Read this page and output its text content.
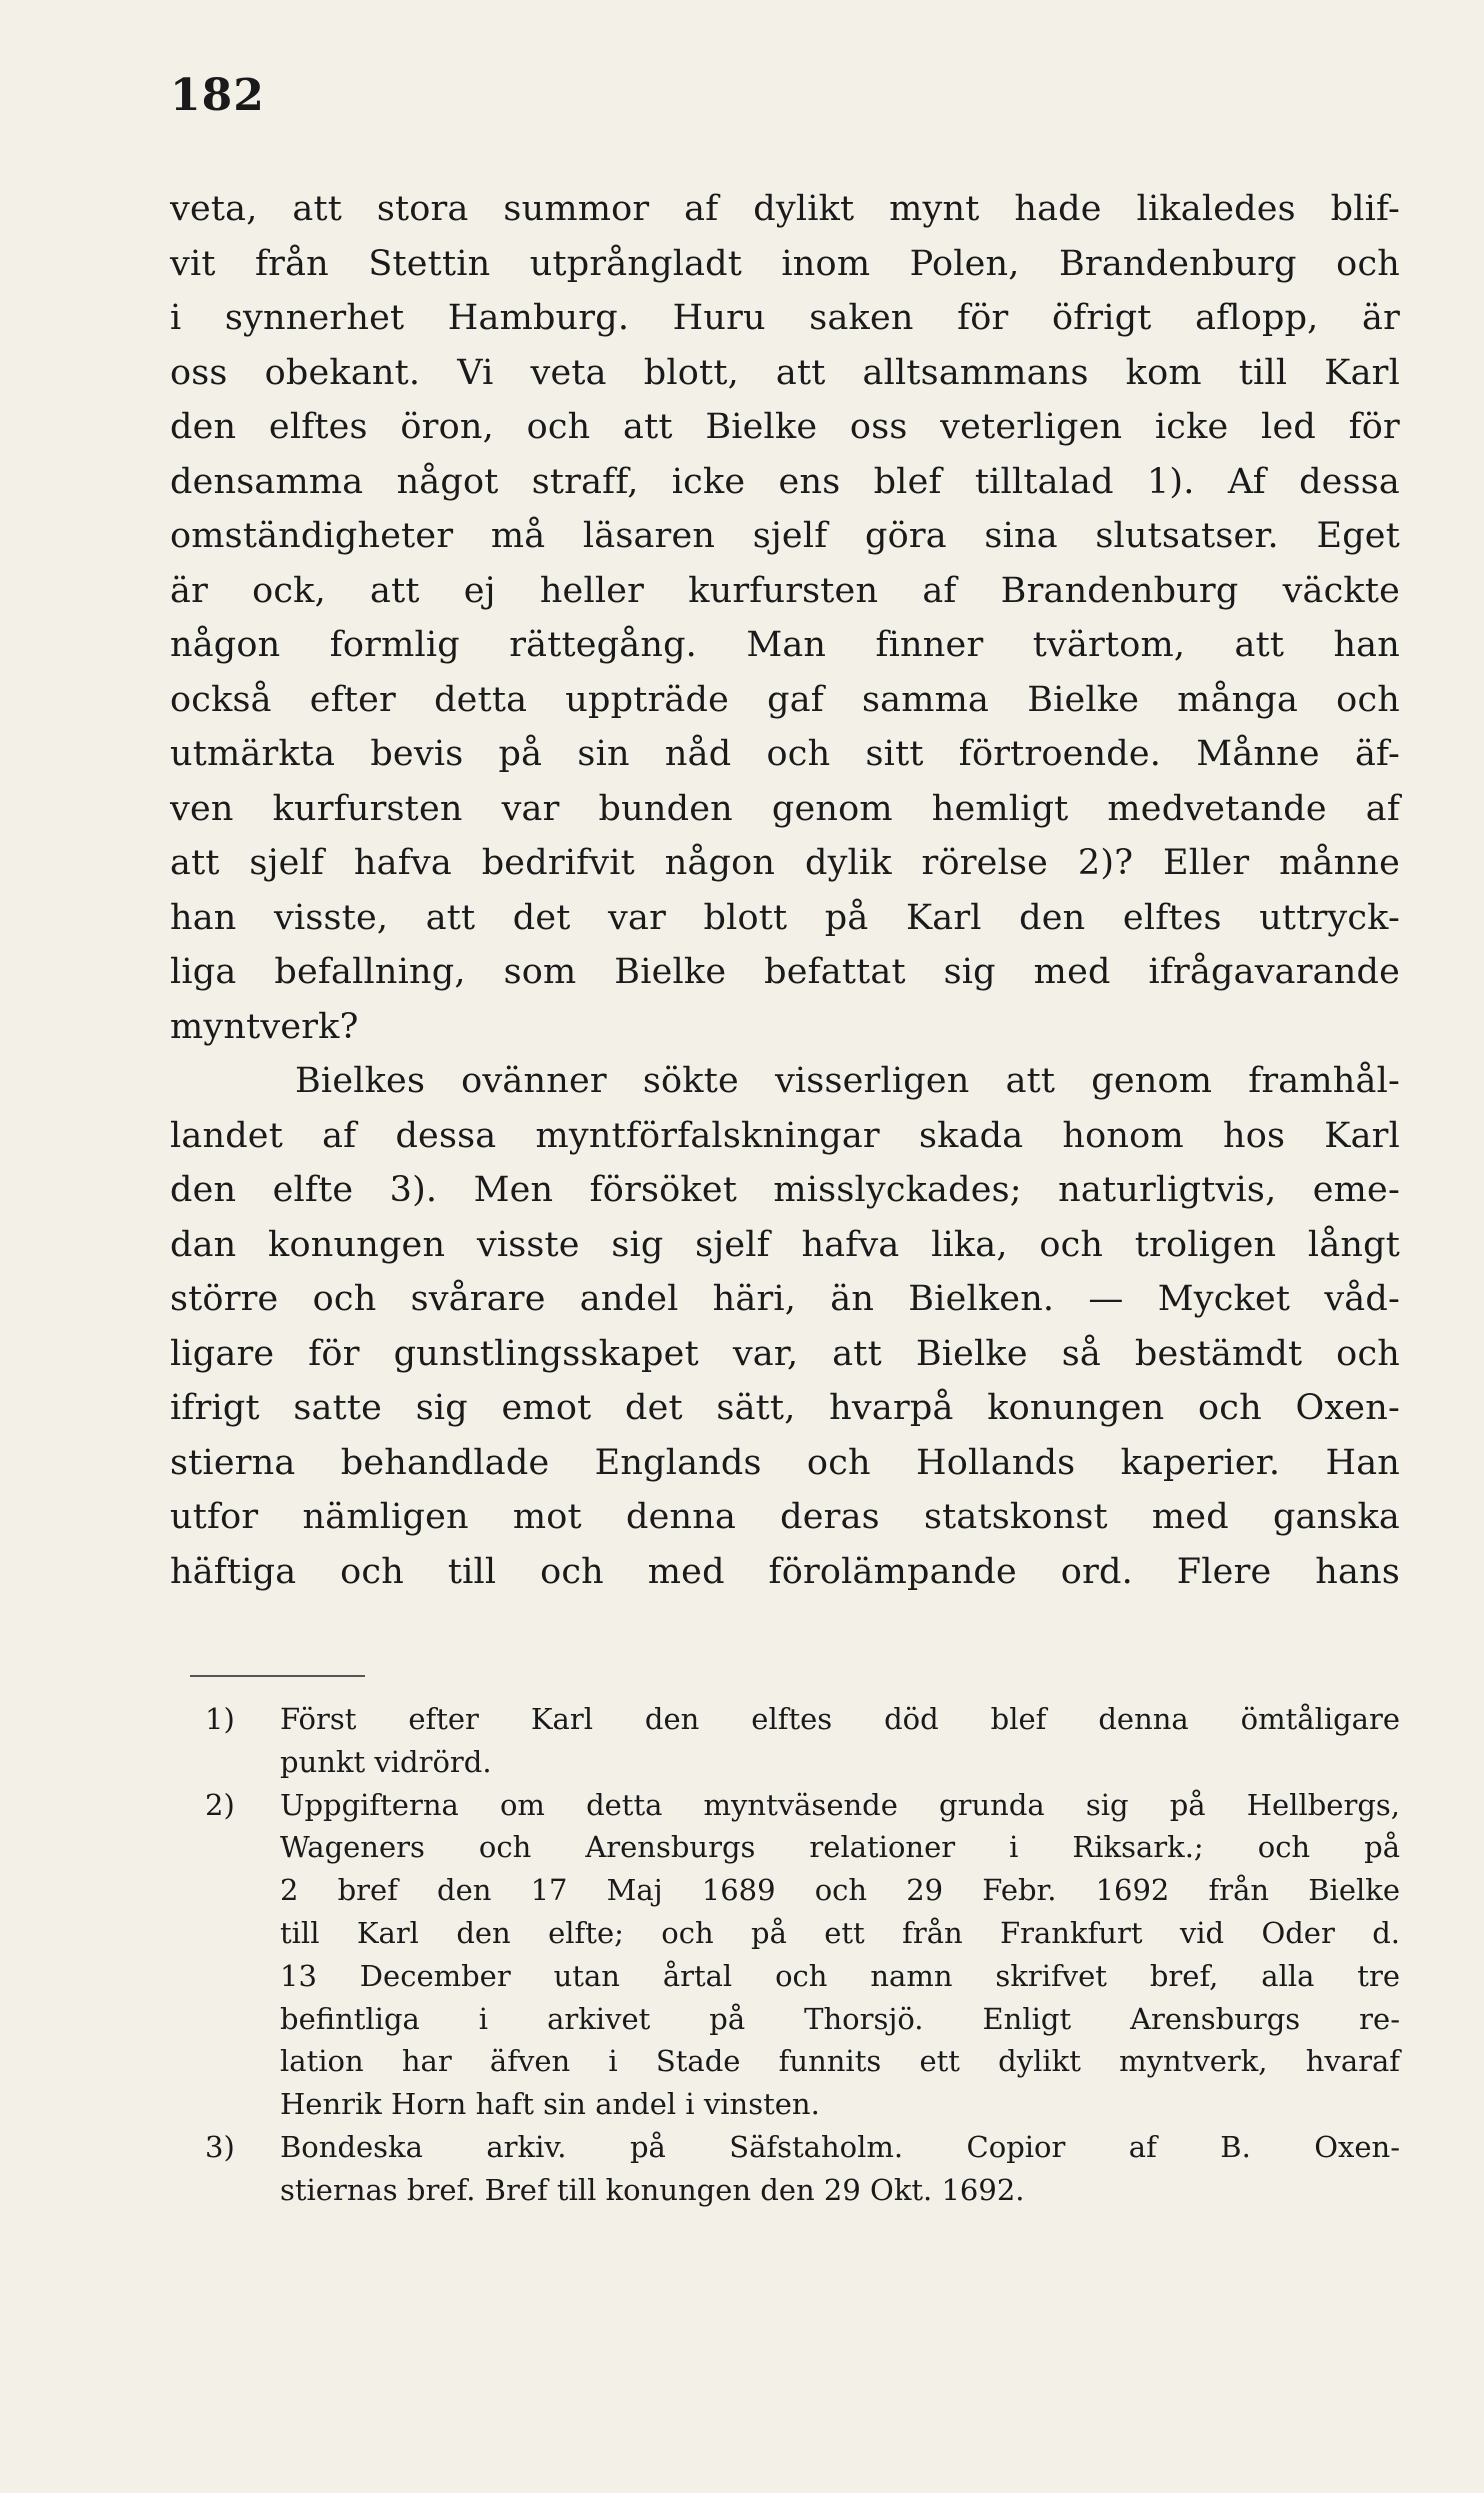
182
veta, att stora summor af dylikt mynt hade likaledes blif-
vit från Stettin utprångladt inom Polen, Brandenburg och
i synnerhet Hamburg. Huru saken för öfrigt aflopp, är
oss obekant. Vi veta blott, att alltsammans kom till Karl
den elftes öron, och att Bielke oss veterligen icke led för
densamma något straff, icke ens blef tilltalad 1). Af dessa
omständigheter må läsaren sjelf göra sina slutsatser. Eget
är ock, att ej heller kurfursten af Brandenburg väckte
någon formlig rättegång. Man finner tvärtom, att han
också efter detta uppträde gaf samma Bielke många och
utmärkta bevis på sin nåd och sitt förtroende. Månne äf-
ven kurfursten var bunden genom hemligt medvetande af
att sjelf hafva bedrifvit någon dylik rörelse 2)? Eller månne
han visste, att det var blott på Karl den elftes uttryck-
liga befallning, som Bielke befattat sig med ifrågavarande
myntverk?
Bielkes ovänner sökte visserligen att genom framhål-
landet af dessa myntförfalskningar skada honom hos Karl
den elfte 3). Men försöket misslyckades; naturligtvis, eme-
dan konungen visste sig sjelf hafva lika, och troligen långt
större och svårare andel häri, än Bielken. — Mycket våd-
ligare för gunstlingsskapet var, att Bielke så bestämdt och
ifrigt satte sig emot det sätt, hvarpå konungen och Oxen-
stierna behandlade Englands och Hollands kaperier. Han
utfor nämligen mot denna deras statskonst med ganska
häftiga och till och med förolämpande ord. Flere hans
1) Först efter Karl den elftes död blef denna ömtåligare
punkt vidrörd.
2) Uppgifterna om detta myntväsende grunda sig på Hellbergs,
Wageners och Arensburgs relationer i Riksark.; och på
2 bref den 17 Maj 1689 och 29 Febr. 1692 från Bielke
till Karl den elfte; och på ett från Frankfurt vid Oder d.
13 December utan årtal och namn skrifvet bref, alla tre
befintliga i arkivet på Thorsjö. Enligt Arensburgs re-
lation har äfven i Stade funnits ett dylikt myntverk, hvaraf
Henrik Horn haft sin andel i vinsten.
3) Bondeska arkiv. på Säfstaholm. Copior af B. Oxen-
stiernas bref. Bref till konungen den 29 Okt. 1692.
